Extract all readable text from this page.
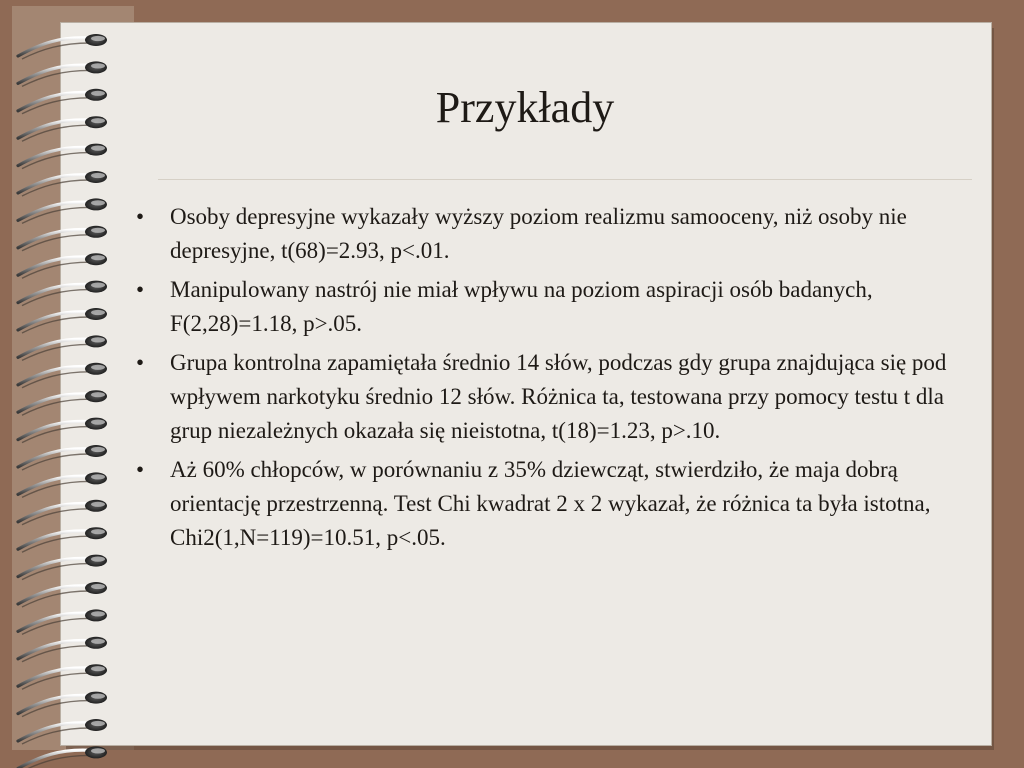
Przykłady
• Osoby depresyjne wykazały wyższy poziom realizmu samooceny, niż osoby nie depresyjne, t(68)=2.93, p<.01.
• Manipulowany nastrój nie miał wpływu na poziom aspiracji osób badanych, F(2,28)=1.18, p>.05.
• Grupa kontrolna zapamiętała średnio 14 słów, podczas gdy grupa znajdująca się pod wpływem narkotyku średnio 12 słów. Różnica ta, testowana przy pomocy testu t dla grup niezależnych okazała się nieistotna, t(18)=1.23, p>.10.
• Aż 60% chłopców, w porównaniu z 35% dziewcząt, stwierdziło, że maja dobrą orientację przestrzenną. Test Chi kwadrat 2 x 2 wykazał, że różnica ta była istotna, Chi2(1,N=119)=10.51, p<.05.
